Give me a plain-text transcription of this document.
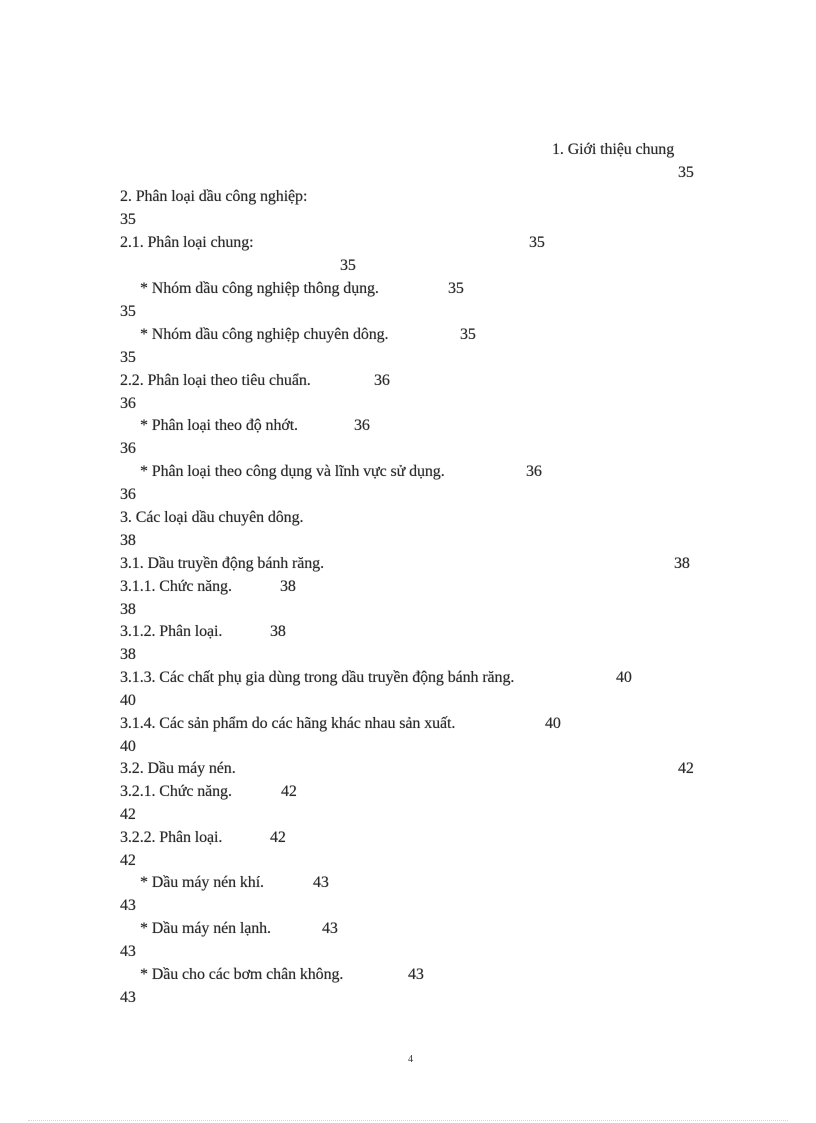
1. Giới thiệu chung
35
2. Phân loại dầu công nghiệp:
35
2.1. Phân loại chung:	35
35
* Nhóm dầu công nghiệp thông dụng.	35
35
* Nhóm dầu công nghiệp chuyên dông.	35
35
2.2. Phân loại theo tiêu chuẩn.	36
36
* Phân loại theo độ nhớt.	36
36
* Phân loại theo công dụng và lĩnh vực sử dụng.	36
36
3. Các loại dầu chuyên dông.
38
3.1. Dầu truyền động bánh răng.	38
3.1.1. Chức năng.	38
38
3.1.2. Phân loại.	38
38
3.1.3. Các chất phụ gia dùng trong dầu truyền động bánh răng.	40
40
3.1.4. Các sản phẩm do các hãng khác nhau sản xuất.	40
40
3.2. Dầu máy nén.	42
3.2.1. Chức năng.	42
42
3.2.2. Phân loại.	42
42
* Dầu máy nén khí.	43
43
* Dầu máy nén lạnh.	43
43
* Dầu cho các bơm chân không.	43
43
4
